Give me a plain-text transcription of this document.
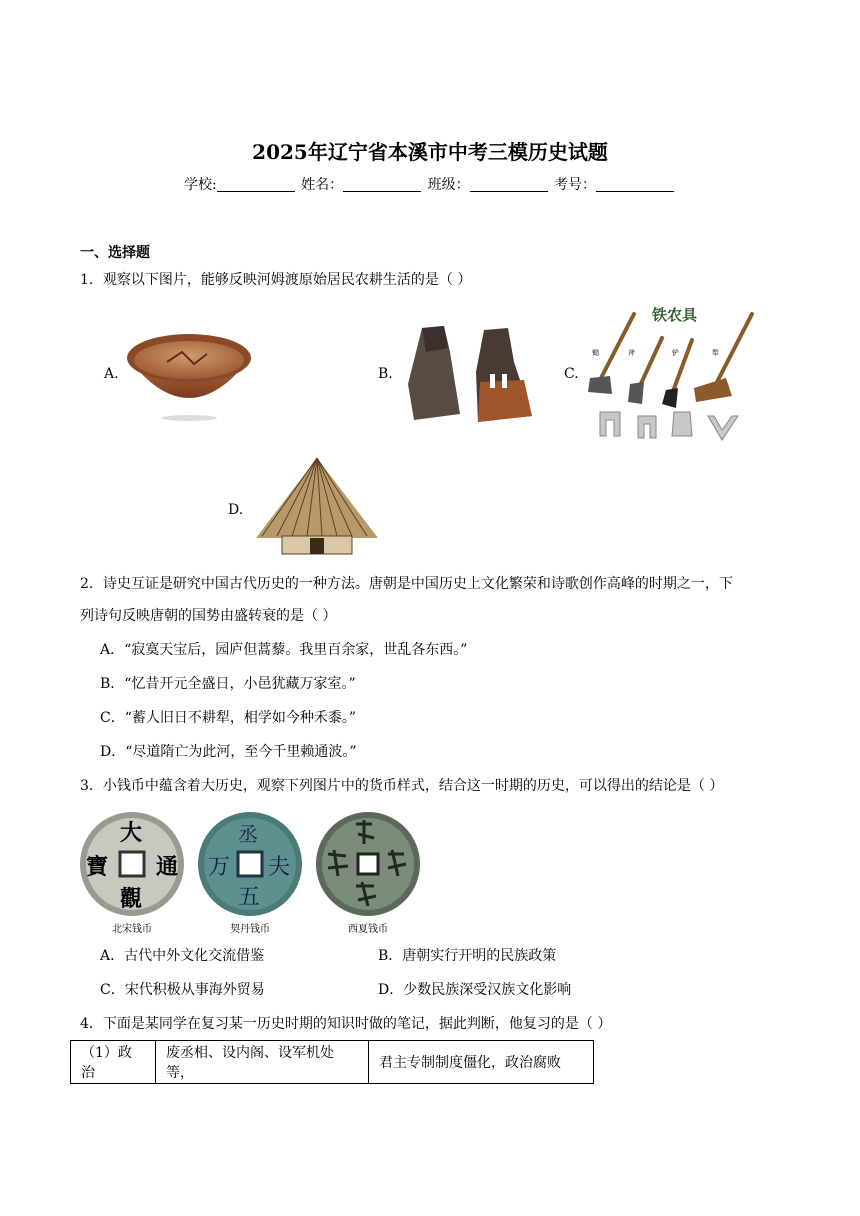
2025年辽宁省本溪市中考三模历史试题
学校:	姓名：	班级：	考号：
一、选择题
1．观察以下图片，能够反映河姆渡原始居民农耕生活的是（ ）
A.	B.	C.
铁农具
锄	斧	铲	犁
D.
2．诗史互证是研究中国古代历史的一种方法。唐朝是中国历史上文化繁荣和诗歌创作高峰的时期之一，下
列诗句反映唐朝的国势由盛转衰的是（ ）
A．“寂寞天宝后，园庐但蒿藜。我里百余家，世乱各东西。”
B．“忆昔开元全盛日，小邑犹藏万家室。”
C．“蓄人旧日不耕犁，相学如今种禾黍。”
D．“尽道隋亡为此河，至今千里赖通波。”
3．小钱币中蕴含着大历史，观察下列图片中的货币样式，结合这一时期的历史，可以得出的结论是（ ）
大
通
觀
寶
北宋钱币
丞
夫
五
万
契丹钱币	西夏钱币
A．古代中外文化交流借鉴	B．唐朝实行开明的民族政策
C．宋代积极从事海外贸易	D．少数民族深受汉族文化影响
4．下面是某同学在复习某一历史时期的知识时做的笔记，据此判断，他复习的是（ ）
（1）政治	废丞相、设内阁、设军机处等，	君主专制制度僵化，政治腐败
